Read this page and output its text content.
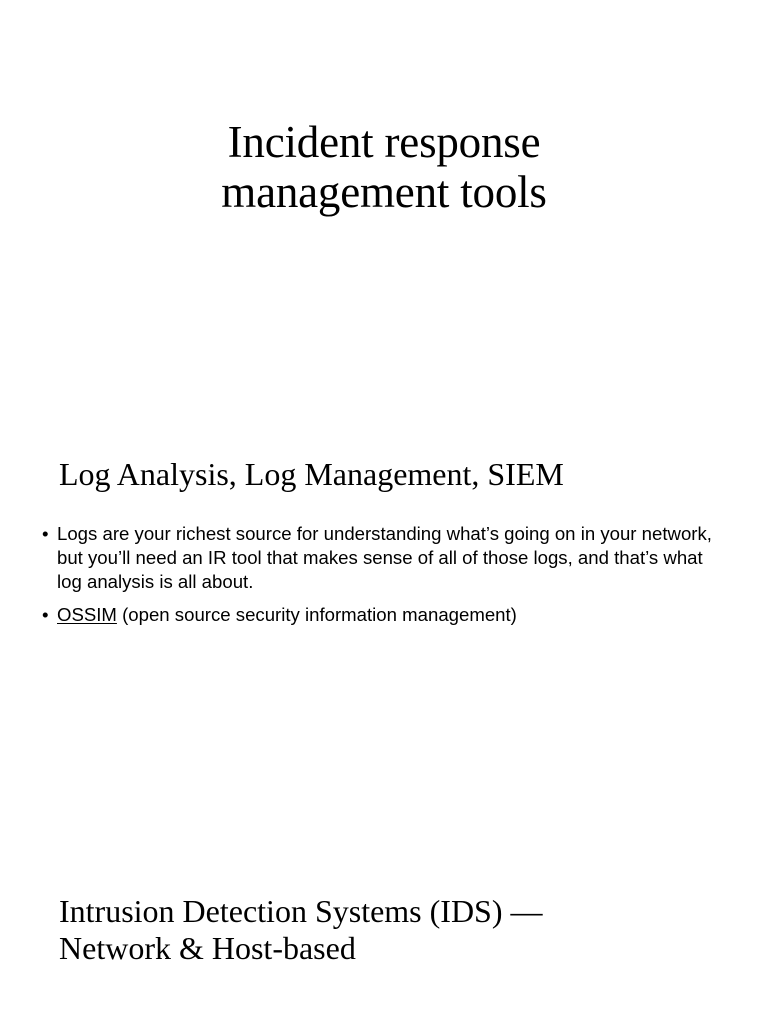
Incident response
management tools
Log Analysis, Log Management, SIEM
• Logs are your richest source for understanding what’s going on in your network, but you’ll need an IR tool that makes sense of all of those logs, and that’s what log analysis is all about.
• OSSIM (open source security information management)
Intrusion Detection Systems (IDS) —
Network & Host-based
